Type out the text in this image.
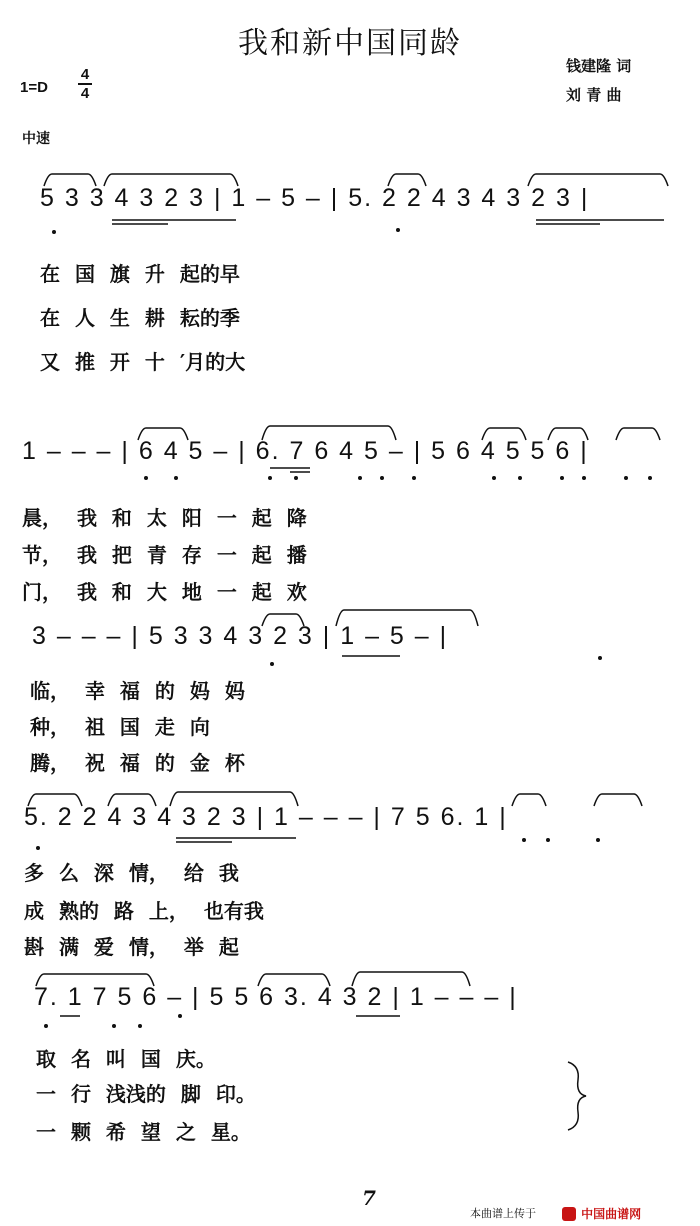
我和新中国同龄
钱建隆 词
刘 青 曲
1=D
4
4
中速
5 3 3 4 3 2 3 | 1 – 5 – | 5. 2 2 4 3 4 3 2 3 |
在 国 旗 升 起的早
在 人 生 耕 耘的季
又 推 开 十 ′月的大
1 – – – | 6 4 5 – | 6. 7 6 4 5 – | 5 6 4 5 5 6 |
晨， 我 和 太 阳 一 起 降
节， 我 把 青 存 一 起 播
门， 我 和 大 地 一 起 欢
3 – – – | 5 3 3 4 3 2 3 | 1 – 5 – |
临， 幸 福 的 妈 妈
种， 祖 国 走 向
腾， 祝 福 的 金 杯
5. 2 2 4 3 4 3 2 3 | 1 – – – | 7 5 6. 1 |
多 么 深 情， 给 我
成 熟的 路 上， 也有我
斟 满 爱 情， 举 起
7. 1 7 5 6 – | 5 5 6 3. 4 3 2 | 1 – – – |
取 名 叫 国 庆。
一 行 浅浅的 脚 印。
一 颗 希 望 之 星。
7
本曲谱上传于	中国曲谱网
